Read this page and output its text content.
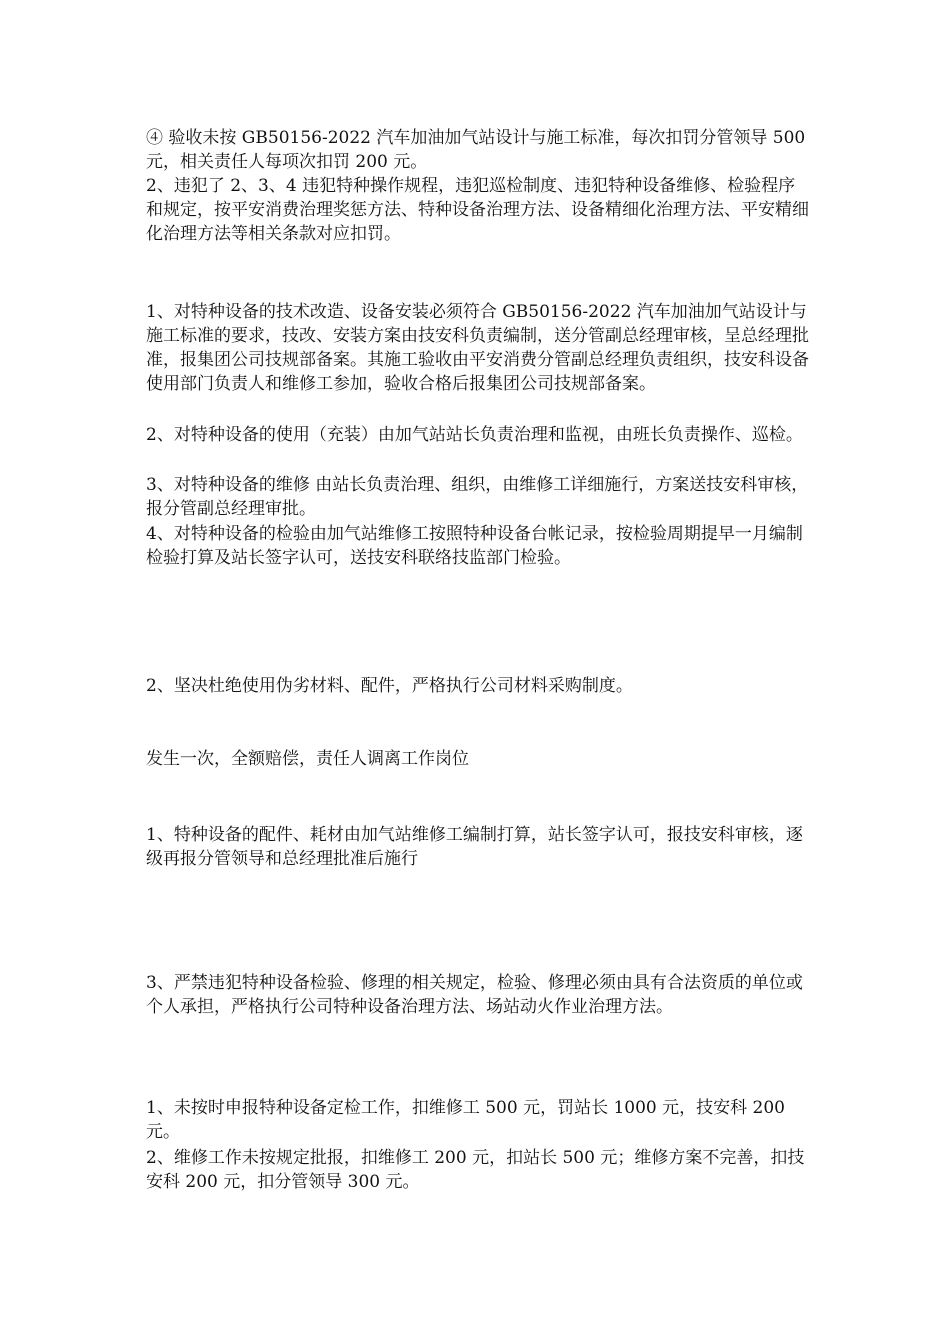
④ 验收未按 GB50156-2022 汽车加油加气站设计与施工标准，每次扣罚分管领导 500 元，相关责任人每项次扣罚 200 元。

2、违犯了 2、3、4 违犯特种操作规程，违犯巡检制度、违犯特种设备维修、检验程序和规定，按平安消费治理奖惩方法、特种设备治理方法、设备精细化治理方法、平安精细化治理方法等相关条款对应扣罚。

1、对特种设备的技术改造、设备安装必须符合 GB50156-2022 汽车加油加气站设计与施工标准的要求，技改、安装方案由技安科负责编制，送分管副总经理审核，呈总经理批准，报集团公司技规部备案。其施工验收由平安消费分管副总经理负责组织，技安科设备使用部门负责人和维修工参加，验收合格后报集团公司技规部备案。

2、对特种设备的使用（充装）由加气站站长负责治理和监视，由班长负责操作、巡检。

3、对特种设备的维修 由站长负责治理、组织，由维修工详细施行，方案送技安科审核，报分管副总经理审批。

4、对特种设备的检验由加气站维修工按照特种设备台帐记录，按检验周期提早一月编制检验打算及站长签字认可，送技安科联络技监部门检验。

2、坚决杜绝使用伪劣材料、配件，严格执行公司材料采购制度。

发生一次，全额赔偿，责任人调离工作岗位

1、特种设备的配件、耗材由加气站维修工编制打算，站长签字认可，报技安科审核，逐级再报分管领导和总经理批准后施行

3、严禁违犯特种设备检验、修理的相关规定，检验、修理必须由具有合法资质的单位或个人承担，严格执行公司特种设备治理方法、场站动火作业治理方法。

1、未按时申报特种设备定检工作，扣维修工 500 元，罚站长 1000 元，技安科 200 元。

2、维修工作未按规定批报，扣维修工 200 元，扣站长 500 元；维修方案不完善，扣技安科 200 元，扣分管领导 300 元。
